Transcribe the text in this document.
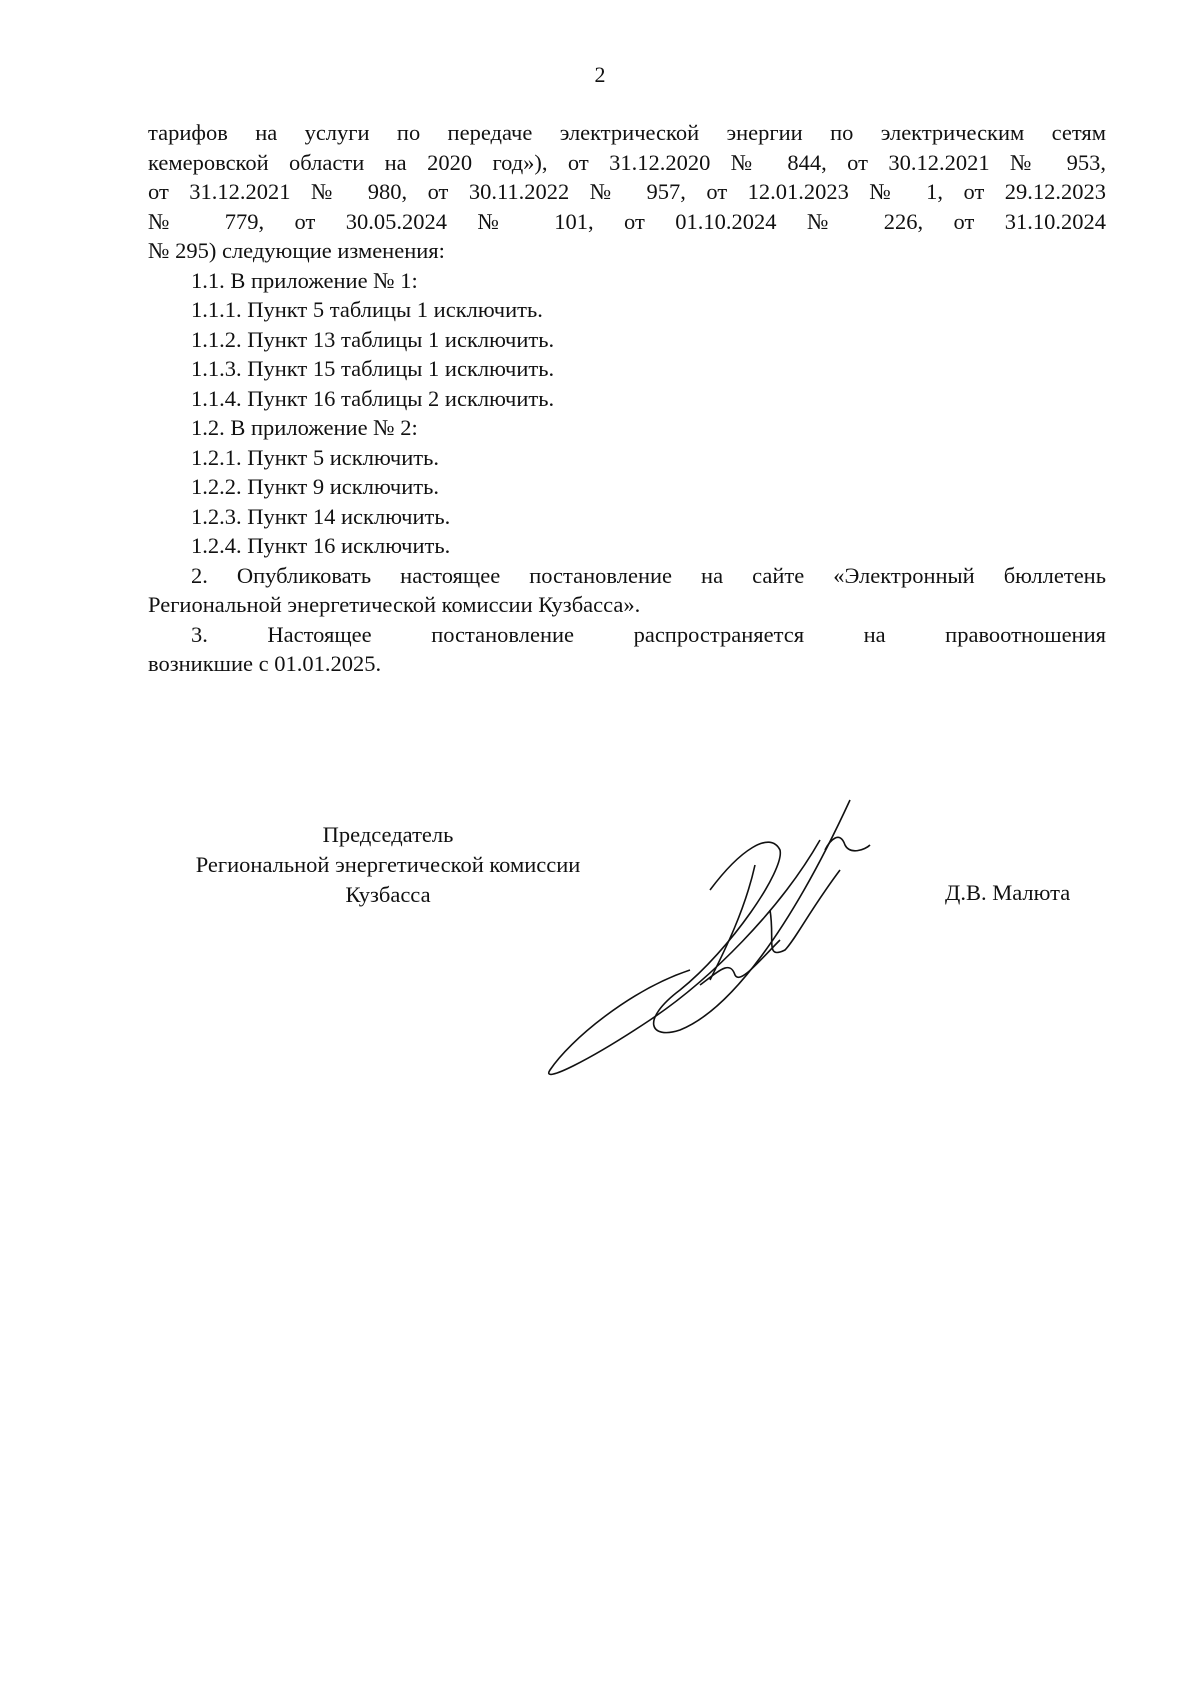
2

тарифов на услуги по передаче электрической энергии по электрическим сетям

кемеровской области на 2020 год»), от 31.12.2020 № 844, от 30.12.2021 № 953,

от 31.12.2021 № 980, от 30.11.2022 № 957, от 12.01.2023 № 1, от 29.12.2023

№ 779, от 30.05.2024 № 101, от 01.10.2024 № 226, от 31.10.2024

№ 295) следующие изменения:

1.1. В приложение № 1:

1.1.1. Пункт 5 таблицы 1 исключить.

1.1.2. Пункт 13 таблицы 1 исключить.

1.1.3. Пункт 15 таблицы 1 исключить.

1.1.4. Пункт 16 таблицы 2 исключить.

1.2. В приложение № 2:

1.2.1. Пункт 5 исключить.

1.2.2. Пункт 9 исключить.

1.2.3. Пункт 14 исключить.

1.2.4. Пункт 16 исключить.

2. Опубликовать настоящее постановление на сайте «Электронный бюллетень

Региональной энергетической комиссии Кузбасса».

3. Настоящее постановление распространяется на правоотношения

возникшие с 01.01.2025.

Председатель
Региональной энергетической комиссии
Кузбасса	Д.В. Малюта
